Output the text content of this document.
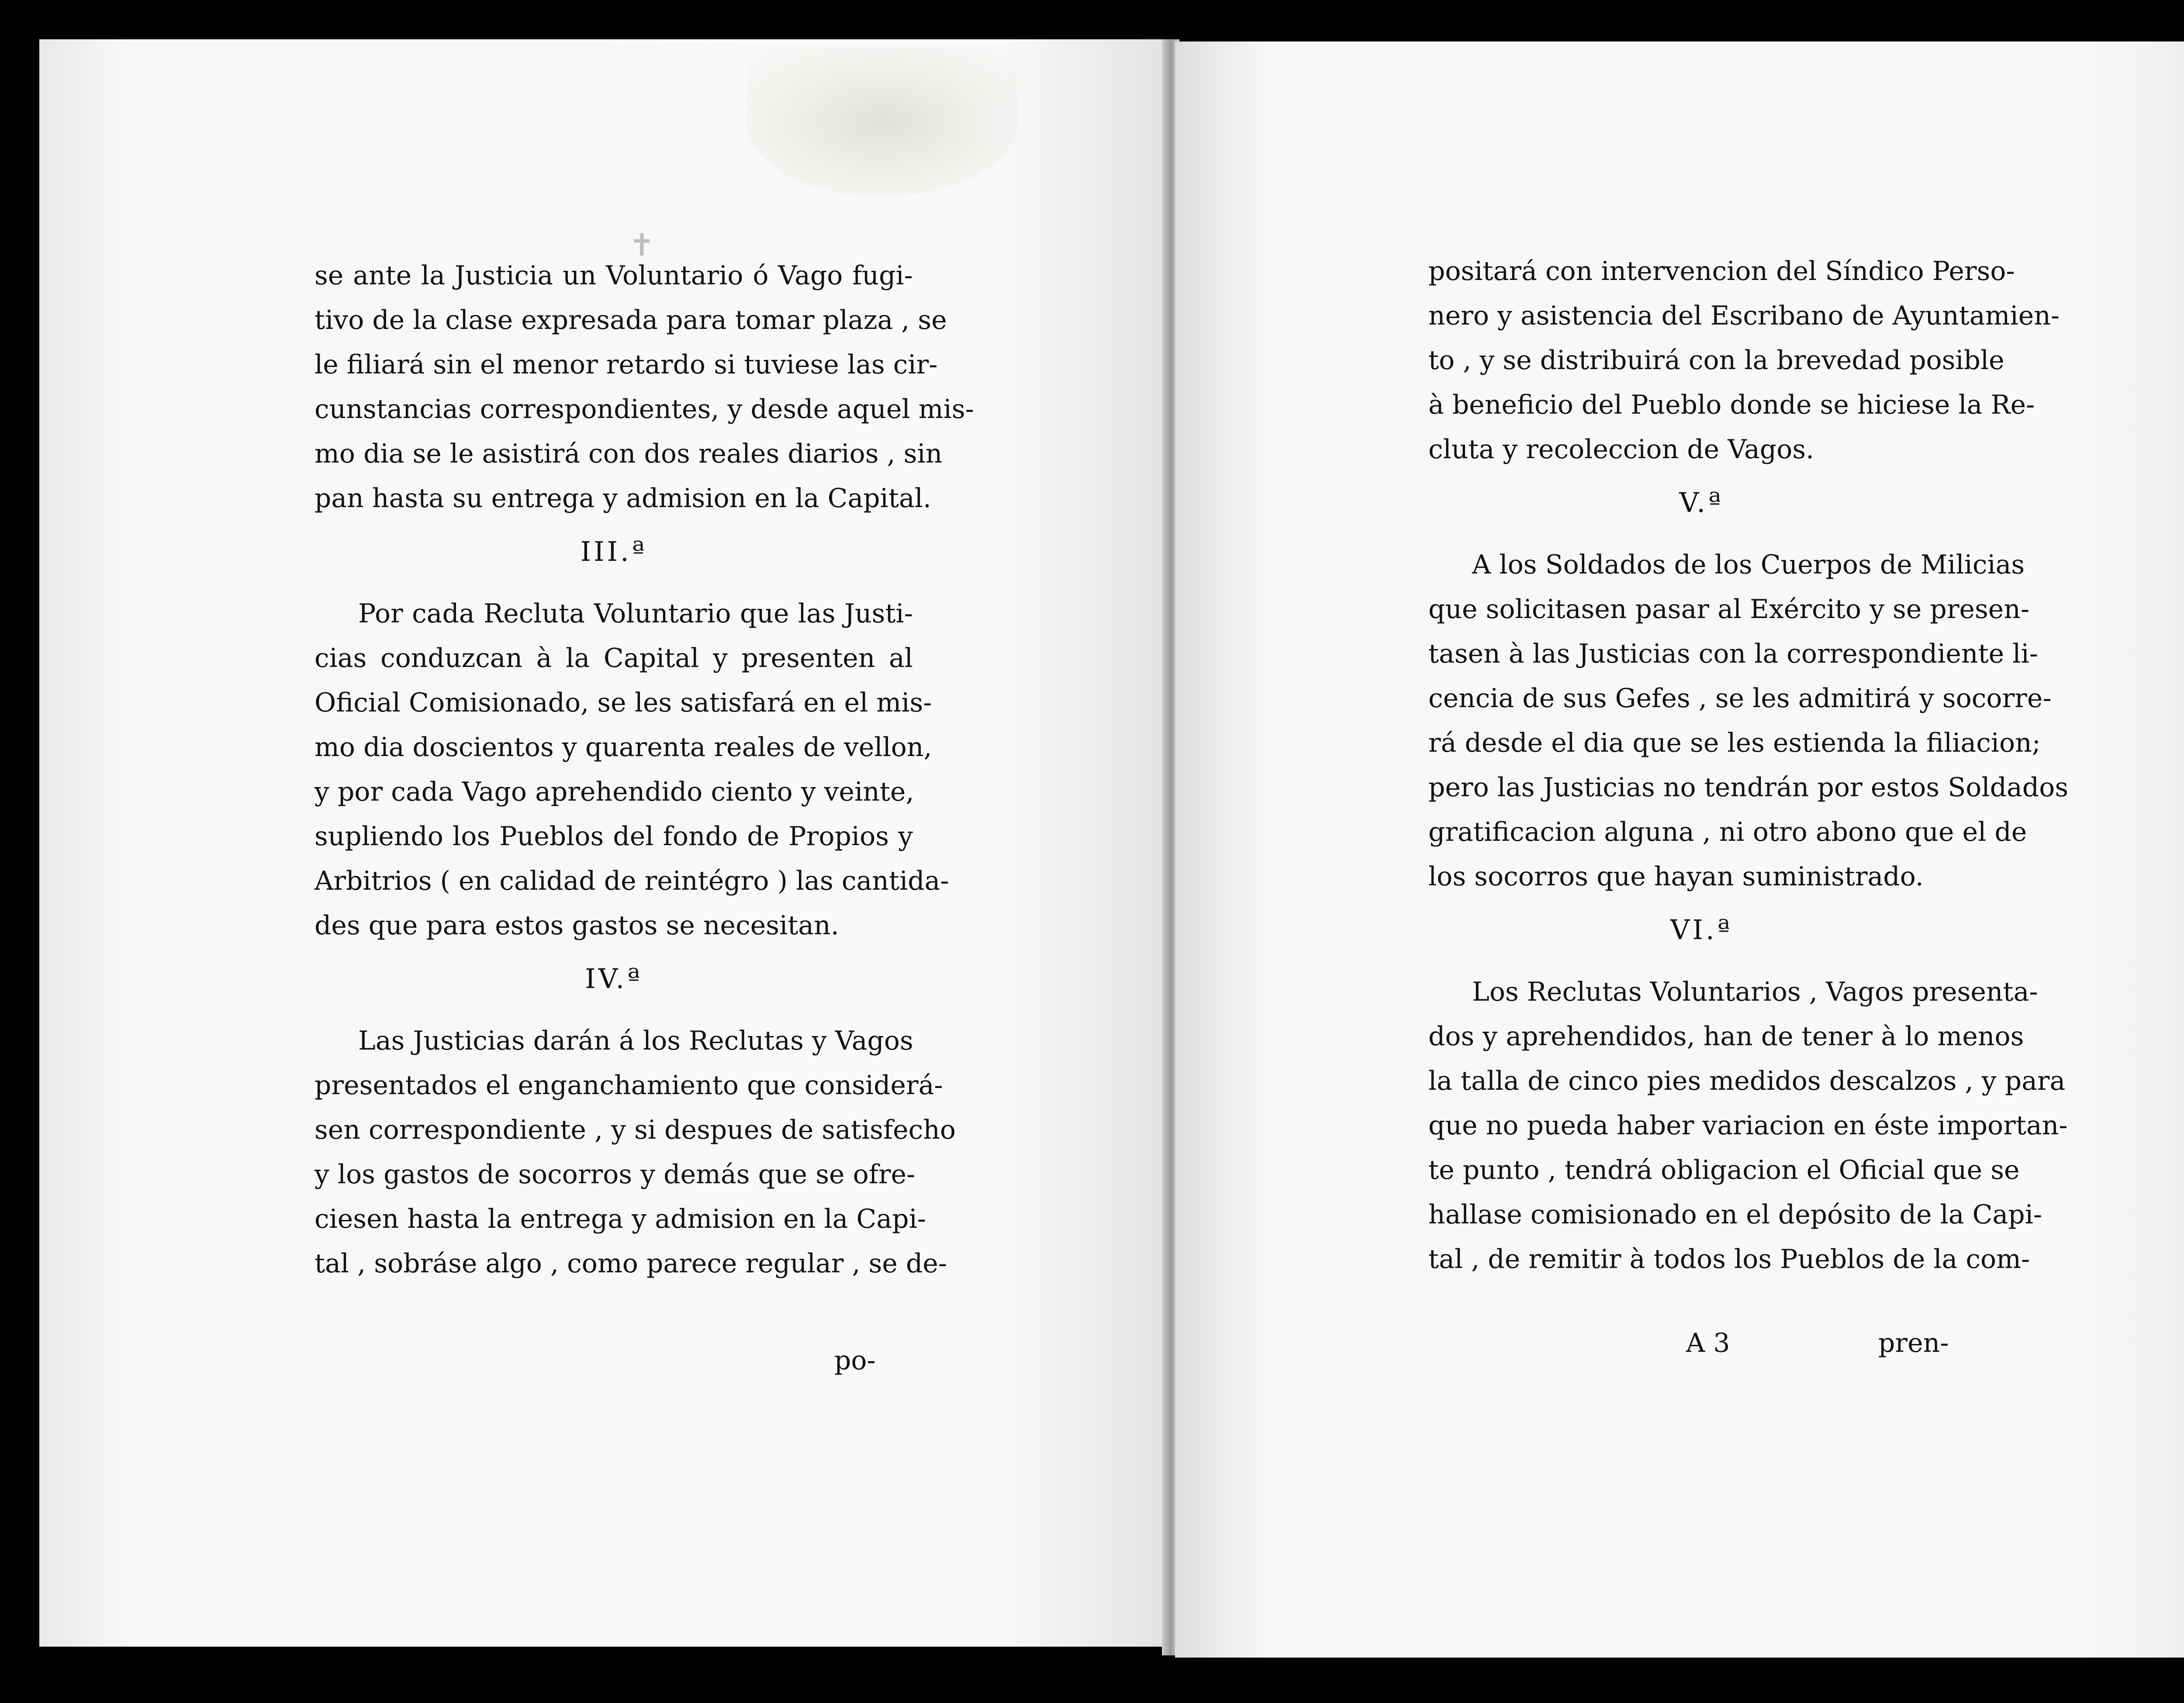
✝
se ante la Justicia un Voluntario ó Vago fugi-
tivo de la clase expresada para tomar plaza , se
le filiará sin el menor retardo si tuviese las cir-
cunstancias correspondientes, y desde aquel mis-
mo dia se le asistirá con dos reales diarios , sin
pan hasta su entrega y admision en la Capital.
III.ª
Por cada Recluta Voluntario que las Justi-
cias conduzcan à la Capital y presenten al
Oficial Comisionado, se les satisfará en el mis-
mo dia doscientos y quarenta reales de vellon,
y por cada Vago aprehendido ciento y veinte,
supliendo los Pueblos del fondo de Propios y
Arbitrios ( en calidad de reintégro ) las cantida-
des que para estos gastos se necesitan.
IV.ª
Las Justicias darán á los Reclutas y Vagos
presentados el enganchamiento que considerá-
sen correspondiente , y si despues de satisfecho
y los gastos de socorros y demás que se ofre-
ciesen hasta la entrega y admision en la Capi-
tal , sobráse algo , como parece regular , se de-
po-
positará con intervencion del Síndico Perso-
nero y asistencia del Escribano de Ayuntamien-
to , y se distribuirá con la brevedad posible
à beneficio del Pueblo donde se hiciese la Re-
cluta y recoleccion de Vagos.
V.ª
A los Soldados de los Cuerpos de Milicias
que solicitasen pasar al Exército y se presen-
tasen à las Justicias con la correspondiente li-
cencia de sus Gefes , se les admitirá y socorre-
rá desde el dia que se les estienda la filiacion;
pero las Justicias no tendrán por estos Soldados
gratificacion alguna , ni otro abono que el de
los socorros que hayan suministrado.
VI.ª
Los Reclutas Voluntarios , Vagos presenta-
dos y aprehendidos, han de tener à lo menos
la talla de cinco pies medidos descalzos , y para
que no pueda haber variacion en éste importan-
te punto , tendrá obligacion el Oficial que se
hallase comisionado en el depósito de la Capi-
tal , de remitir à todos los Pueblos de la com-
A 3	pren-
